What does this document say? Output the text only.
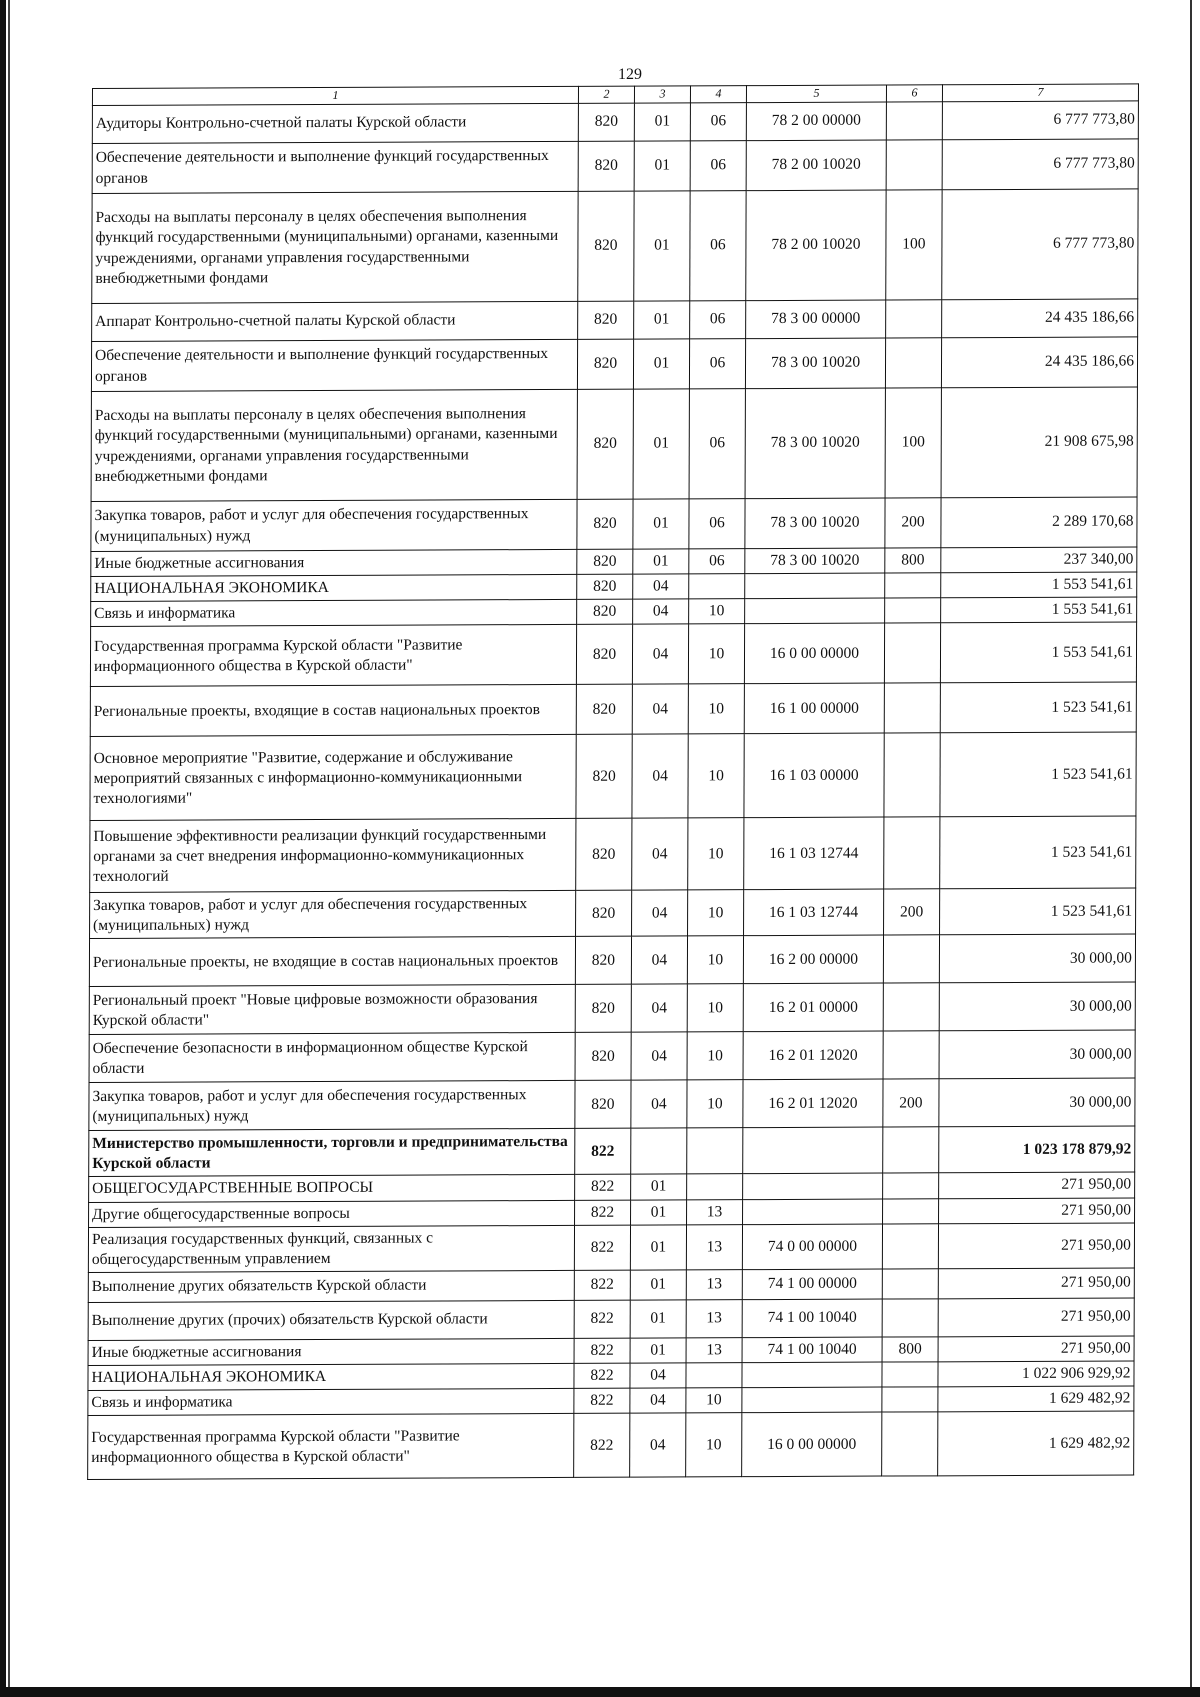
129
1	2	3	4	5	6	7
Аудиторы Контрольно-счетной палаты Курской области	820	01	06	78 2 00 00000		6 777 773,80
Обеспечение деятельности и выполнение функций государственных органов	820	01	06	78 2 00 10020		6 777 773,80
Расходы на выплаты персоналу в целях обеспечения выполнения функций государственными (муниципальными) органами, казенными учреждениями, органами управления государственными внебюджетными фондами	820	01	06	78 2 00 10020	100	6 777 773,80
Аппарат Контрольно-счетной палаты Курской области	820	01	06	78 3 00 00000		24 435 186,66
Обеспечение деятельности и выполнение функций государственных органов	820	01	06	78 3 00 10020		24 435 186,66
Расходы на выплаты персоналу в целях обеспечения выполнения функций государственными (муниципальными) органами, казенными учреждениями, органами управления государственными внебюджетными фондами	820	01	06	78 3 00 10020	100	21 908 675,98
Закупка товаров, работ и услуг для обеспечения государственных (муниципальных) нужд	820	01	06	78 3 00 10020	200	2 289 170,68
Иные бюджетные ассигнования	820	01	06	78 3 00 10020	800	237 340,00
НАЦИОНАЛЬНАЯ ЭКОНОМИКА	820	04				1 553 541,61
Связь и информатика	820	04	10			1 553 541,61
Государственная программа Курской области "Развитие информационного общества в Курской области"	820	04	10	16 0 00 00000		1 553 541,61
Региональные проекты, входящие в состав национальных проектов	820	04	10	16 1 00 00000		1 523 541,61
Основное мероприятие "Развитие, содержание и обслуживание мероприятий связанных с информационно-коммуникационными технологиями"	820	04	10	16 1 03 00000		1 523 541,61
Повышение эффективности реализации функций государственными органами за счет внедрения информационно-коммуникационных технологий	820	04	10	16 1 03 12744		1 523 541,61
Закупка товаров, работ и услуг для обеспечения государственных (муниципальных) нужд	820	04	10	16 1 03 12744	200	1 523 541,61
Региональные проекты, не входящие в состав национальных проектов	820	04	10	16 2 00 00000		30 000,00
Региональный проект "Новые цифровые возможности образования Курской области"	820	04	10	16 2 01 00000		30 000,00
Обеспечение безопасности в информационном обществе Курской области	820	04	10	16 2 01 12020		30 000,00
Закупка товаров, работ и услуг для обеспечения государственных (муниципальных) нужд	820	04	10	16 2 01 12020	200	30 000,00
Министерство промышленности, торговли и предпринимательства Курской области	822					1 023 178 879,92
ОБЩЕГОСУДАРСТВЕННЫЕ ВОПРОСЫ	822	01				271 950,00
Другие общегосударственные вопросы	822	01	13			271 950,00
Реализация государственных функций, связанных с общегосударственным управлением	822	01	13	74 0 00 00000		271 950,00
Выполнение других обязательств Курской области	822	01	13	74 1 00 00000		271 950,00
Выполнение других (прочих) обязательств Курской области	822	01	13	74 1 00 10040		271 950,00
Иные бюджетные ассигнования	822	01	13	74 1 00 10040	800	271 950,00
НАЦИОНАЛЬНАЯ ЭКОНОМИКА	822	04				1 022 906 929,92
Связь и информатика	822	04	10			1 629 482,92
Государственная программа Курской области "Развитие информационного общества в Курской области"	822	04	10	16 0 00 00000		1 629 482,92
